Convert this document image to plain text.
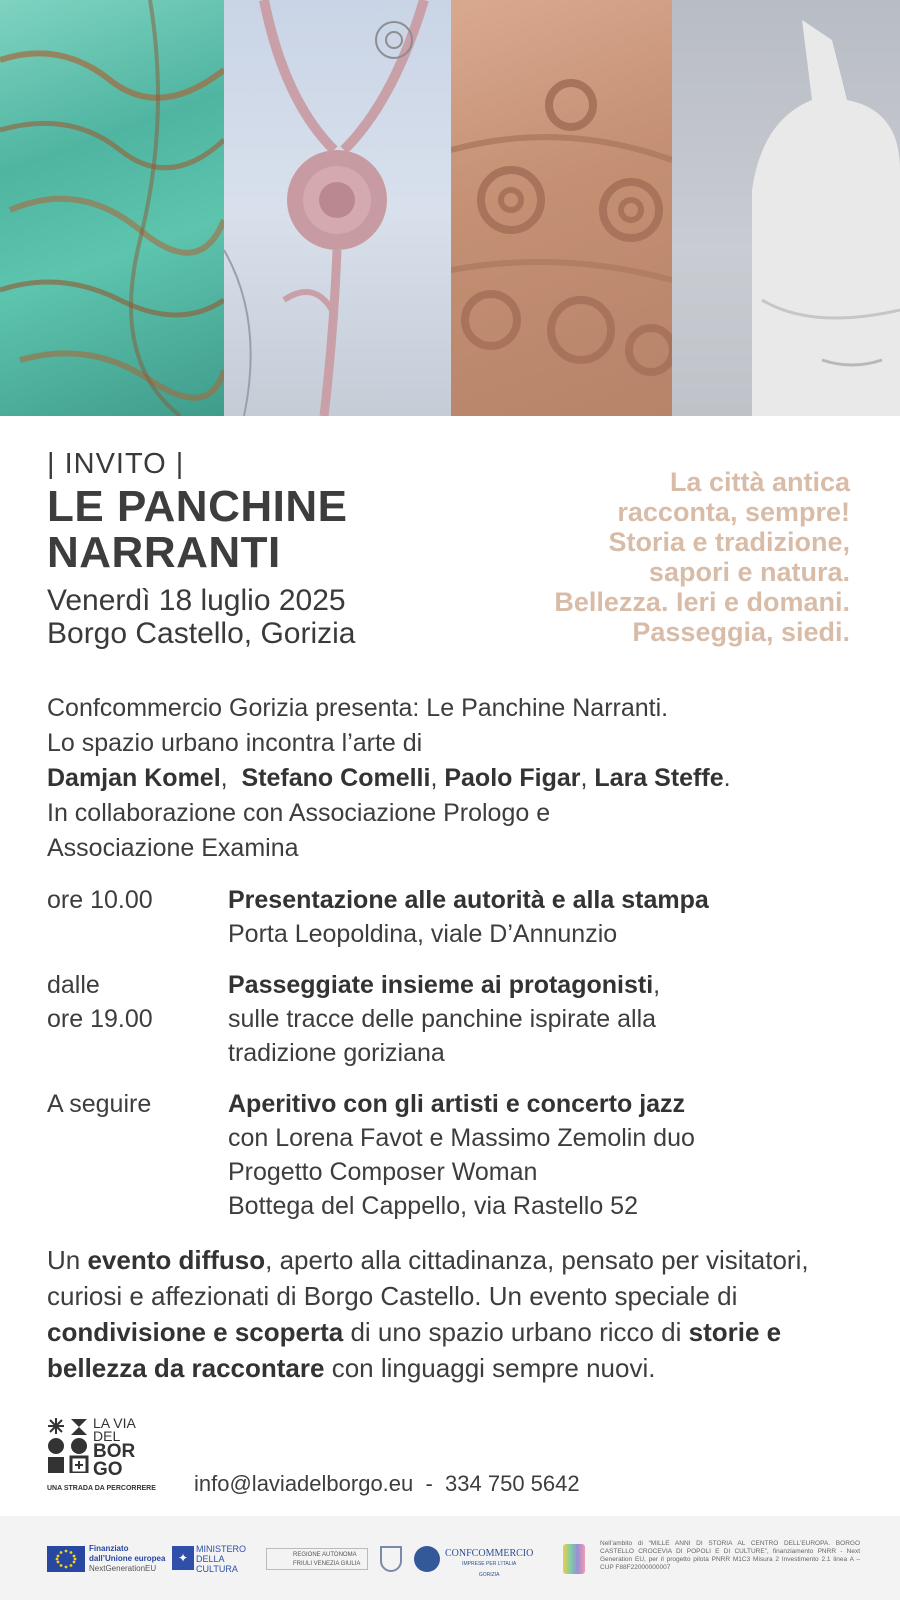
| INVITO |
LE PANCHINE
NARRANTI
Venerdì 18 luglio 2025
Borgo Castello, Gorizia
La città antica
racconta, sempre!
Storia e tradizione,
sapori e natura.
Bellezza. Ieri e domani.
Passeggia, siedi.
Confcommercio Gorizia presenta: Le Panchine Narranti.
Lo spazio urbano incontra l’arte di
Damjan Komel,  Stefano Comelli, Paolo Figar, Lara Steffe.
In collaborazione con Associazione Prologo e
Associazione Examina
ore 10.00	Presentazione alle autorità e alla stampa
Porta Leopoldina, viale D’Annunzio
dalle
ore 19.00
Passeggiate insieme ai protagonisti,
sulle tracce delle panchine ispirate alla
tradizione goriziana
A seguire	Aperitivo con gli artisti e concerto jazz
con Lorena Favot e Massimo Zemolin duo
Progetto Composer Woman
Bottega del Cappello, via Rastello 52
Un evento diffuso, aperto alla cittadinanza, pensato per visitatori, curiosi e affezionati di Borgo Castello. Un evento speciale di condivisione e scoperta di uno spazio urbano ricco di storie e bellezza da raccontare con linguaggi sempre nuovi.
LA VIA
DEL
BOR
GO
UNA STRADA DA PERCORRERE info@laviadelborgo.eu  -  334 750 5642
Finanziato
dall’Unione europea
NextGenerationEU
✦
MINISTERO
DELLA
CULTURA
REGIONE AUTONOMA
FRIULI VENEZIA GIULIA
CONFCOMMERCIO
IMPRESE PER L’ITALIA
GORIZIA
Nell’ambito di “MILLE ANNI DI STORIA AL CENTRO DELL’EUROPA. BORGO CASTELLO CROCEVIA DI POPOLI E DI CULTURE”, finanziamento PNRR - Next Generation EU, per il progetto pilota PNRR M1C3 Misura 2 Investimento 2.1 linea A – CUP F88F22000000007
